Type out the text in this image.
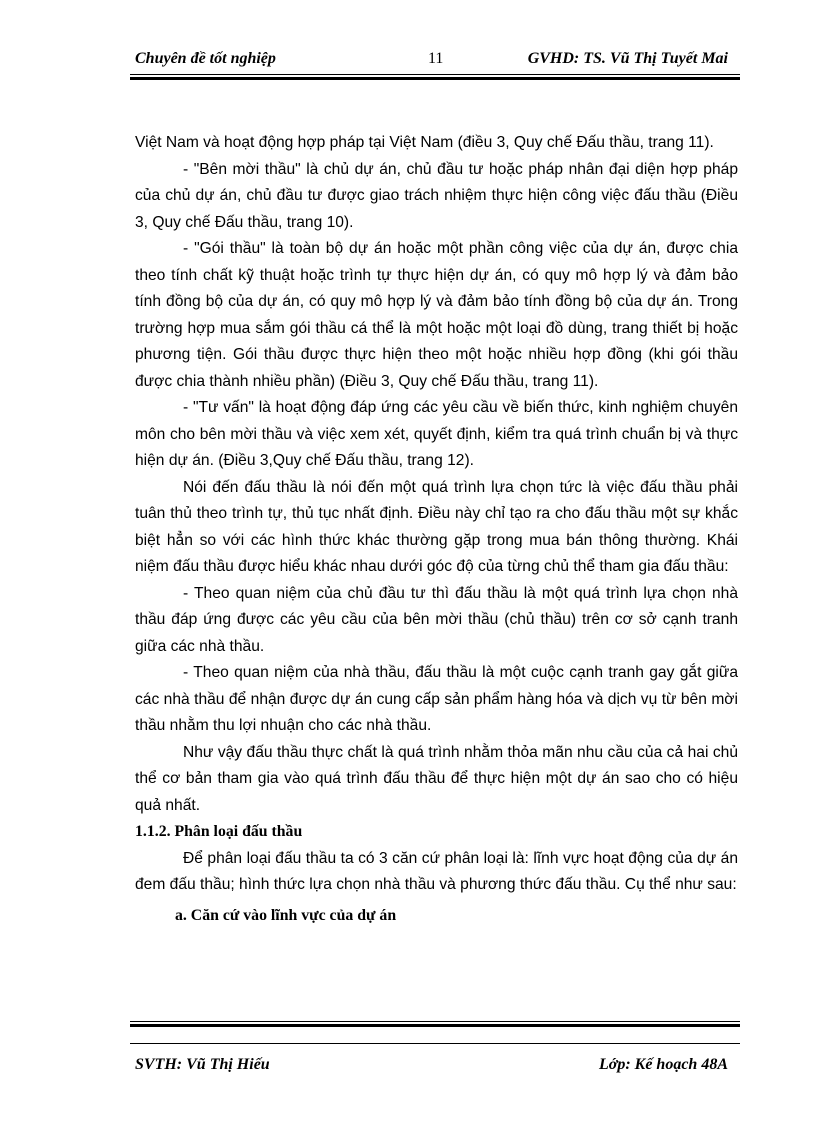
Chuyên đề tốt nghiệp	11	GVHD: TS. Vũ Thị Tuyết Mai

Việt Nam và hoạt động hợp pháp tại Việt Nam (điều 3, Quy chế Đấu thầu, trang 11).

- "Bên mời thầu" là chủ dự án, chủ đầu tư hoặc pháp nhân đại diện hợp pháp của chủ dự án, chủ đầu tư được giao trách nhiệm thực hiện công việc đấu thầu (Điều 3, Quy chế Đấu thầu, trang 10).

- "Gói thầu" là toàn bộ dự án hoặc một phần công việc của dự án, được chia theo tính chất kỹ thuật hoặc trình tự thực hiện dự án, có quy mô hợp lý và đảm bảo tính đồng bộ của dự án, có quy mô hợp lý và đảm bảo tính đồng bộ của dự án. Trong trường hợp mua sắm gói thầu cá thể là một hoặc một loại đồ dùng, trang thiết bị hoặc phương tiện. Gói thầu được thực hiện theo một hoặc nhiều hợp đồng (khi gói thầu được chia thành nhiều phần) (Điều 3, Quy chế Đấu thầu, trang 11).

- "Tư vấn" là hoạt động đáp ứng các yêu cầu về biến thức, kinh nghiệm chuyên môn cho bên mời thầu và việc xem xét, quyết định, kiểm tra quá trình chuẩn bị và thực hiện dự án. (Điều 3,Quy chế Đấu thầu, trang 12).

Nói đến đấu thầu là nói đến một quá trình lựa chọn tức là việc đấu thầu phải tuân thủ theo trình tự, thủ tục nhất định. Điều này chỉ tạo ra cho đấu thầu một sự khắc biệt hẳn so với các hình thức khác thường gặp trong mua bán thông thường. Khái niệm đấu thầu được hiểu khác nhau dưới góc độ của từng chủ thể tham gia đấu thầu:

- Theo quan niệm của chủ đầu tư thì đấu thầu là một quá trình lựa chọn nhà thầu đáp ứng được các yêu cầu của bên mời thầu (chủ thầu) trên cơ sở cạnh tranh giữa các nhà thầu.

- Theo quan niệm của nhà thầu, đấu thầu là một cuộc cạnh tranh gay gắt giữa các nhà thầu để nhận được dự án cung cấp sản phẩm hàng hóa và dịch vụ từ bên mời thầu nhằm thu lợi nhuận cho các nhà thầu.

Như vậy đấu thầu thực chất là quá trình nhằm thỏa mãn nhu cầu của cả hai chủ thể cơ bản tham gia vào quá trình đấu thầu để thực hiện một dự án sao cho có hiệu quả nhất.

1.1.2. Phân loại đấu thầu

Để phân loại đấu thầu ta có 3 căn cứ phân loại là: lĩnh vực hoạt động của dự án đem đấu thầu; hình thức lựa chọn nhà thầu và phương thức đấu thầu. Cụ thể như sau:

a. Căn cứ vào lĩnh vực của dự án

SVTH: Vũ Thị Hiếu	Lớp: Kế hoạch 48A
